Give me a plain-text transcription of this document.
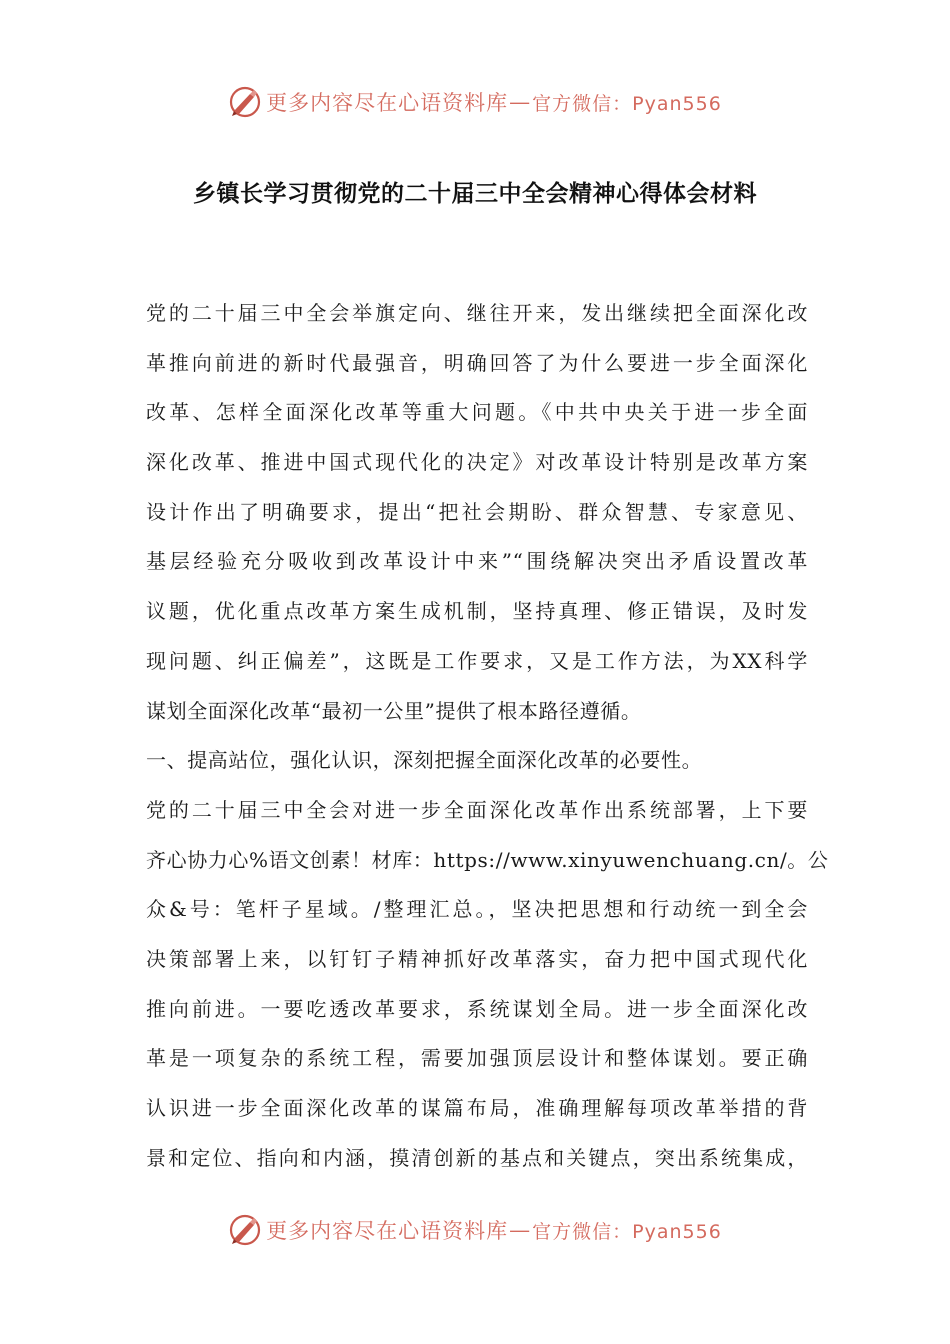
更多内容尽在心语资料库 — 官方微信：Pyan556
乡镇长学习贯彻党的二十届三中全会精神心得体会材料
党的二十届三中全会举旗定向、继往开来，发出继续把全面深化改
革推向前进的新时代最强音，明确回答了为什么要进一步全面深化
改革、怎样全面深化改革等重大问题。《中共中央关于进一步全面
深化改革、推进中国式现代化的决定》对改革设计特别是改革方案
设计作出了明确要求，提出“把社会期盼、群众智慧、专家意见、
基层经验充分吸收到改革设计中来”“围绕解决突出矛盾设置改革
议题，优化重点改革方案生成机制，坚持真理、修正错误，及时发
现问题、纠正偏差”，这既是工作要求，又是工作方法，为XX科学
谋划全面深化改革“最初一公里”提供了根本路径遵循。
一、提高站位，强化认识，深刻把握全面深化改革的必要性。
党的二十届三中全会对进一步全面深化改革作出系统部署，上下要
齐心协力心%语文创素！材库：https://www.xinyuwenchuang.cn/。公
众&号：笔杆子星域。/整理汇总。，坚决把思想和行动统一到全会
决策部署上来，以钉钉子精神抓好改革落实，奋力把中国式现代化
推向前进。一要吃透改革要求，系统谋划全局。进一步全面深化改
革是一项复杂的系统工程，需要加强顶层设计和整体谋划。要正确
认识进一步全面深化改革的谋篇布局，准确理解每项改革举措的背
景和定位、指向和内涵，摸清创新的基点和关键点，突出系统集成，
更多内容尽在心语资料库 — 官方微信：Pyan556
